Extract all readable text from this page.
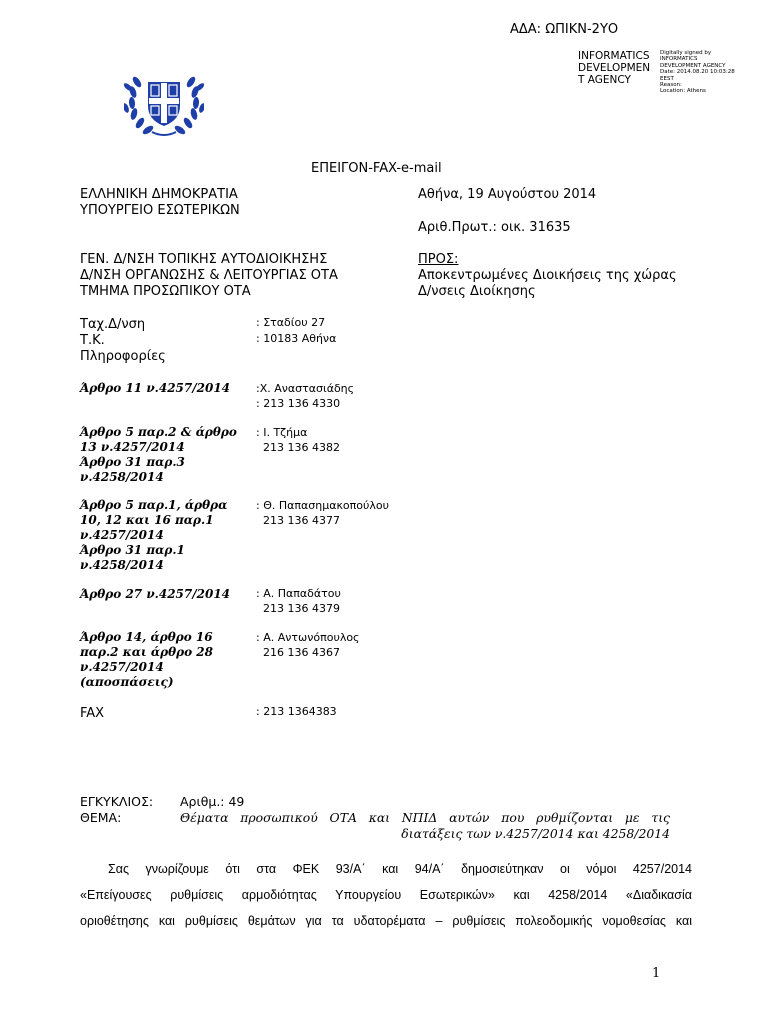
ΑΔΑ: ΩΠΙΚΝ-2ΥΟ
INFORMATICS DEVELOPMEN T AGENCY
Digitally signed by
INFORMATICS
DEVELOPMENT AGENCY
Date: 2014.08.20 10:03:28
EEST
Reason:
Location: Athens
ΕΠΕΙΓΟΝ-FAX-e-mail
ΕΛΛΗΝΙΚΗ ΔΗΜΟΚΡΑΤΙΑ
ΥΠΟΥΡΓΕΙΟ ΕΣΩΤΕΡΙΚΩΝ
Αθήνα, 19 Αυγούστου 2014
Αριθ.Πρωτ.: οικ. 31635
ΓΕΝ. Δ/ΝΣΗ ΤΟΠΙΚΗΣ ΑΥΤΟΔΙΟΙΚΗΣΗΣ
Δ/ΝΣΗ ΟΡΓΑΝΩΣΗΣ & ΛΕΙΤΟΥΡΓΙΑΣ ΟΤΑ
ΤΜΗΜΑ ΠΡΟΣΩΠΙΚΟΥ ΟΤΑ
ΠΡΟΣ:
Αποκεντρωμένες Διοικήσεις της χώρας
Δ/νσεις Διοίκησης
Ταχ.Δ/νση
Τ.Κ.
Πληροφορίες
: Σταδίου 27
: 10183 Αθήνα
Άρθρο 11 ν.4257/2014 :Χ. Αναστασιάδης
: 213 136 4330
Άρθρο 5 παρ.2 & άρθρο
13 ν.4257/2014
Άρθρο 31 παρ.3
ν.4258/2014
: Ι. Τζήμα
213 136 4382
Άρθρο 5 παρ.1, άρθρα
10, 12 και 16 παρ.1
ν.4257/2014
Άρθρο 31 παρ.1
ν.4258/2014
: Θ. Παπασημακοπούλου
213 136 4377
Άρθρο 27 ν.4257/2014 : Α. Παπαδάτου
213 136 4379
Άρθρο 14, άρθρο 16
παρ.2 και άρθρο 28
ν.4257/2014
(αποσπάσεις)
: Α. Αντωνόπουλος
216 136 4367
FAX	: 213 1364383
ΕΓΚΥΚΛΙΟΣ: Αριθμ.: 49
ΘΕΜΑ:	Θέματα προσωπικού ΟΤΑ και ΝΠΙΔ αυτών που ρυθμίζονται με τις
διατάξεις των ν.4257/2014 και 4258/2014
Σας γνωρίζουμε ότι στα ΦΕΚ 93/Α΄ και 94/Α΄ δημοσιεύτηκαν οι νόμοι 4257/2014
«Επείγουσες ρυθμίσεις αρμοδιότητας Υπουργείου Εσωτερικών» και 4258/2014 «Διαδικασία
οριοθέτησης και ρυθμίσεις θεμάτων για τα υδατορέματα – ρυθμίσεις πολεοδομικής νομοθεσίας και
1
